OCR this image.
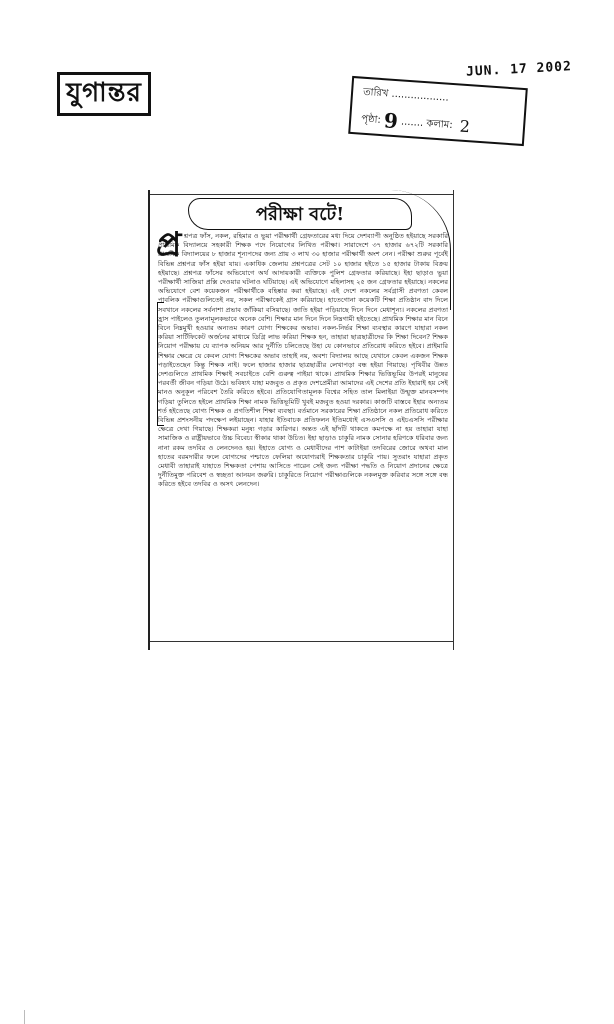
যুগান্তর
JUN. 17 2002
তারিখ ..................
পৃষ্ঠা: 9 ....... কলাম: 2
পরীক্ষা বটে!
প্র শ্নপত্র ফাঁস, নকল, রহিমার ও ভুয়া পরীক্ষার্থী গ্রেফতারের মধ্য দিয়ে দেশব্যাপী অনুষ্ঠিত হইয়াছে সরকারি প্রাথমিক বিদ্যালয়ে সহকারী শিক্ষক পদে নিয়োগের লিখিত পরীক্ষা। সারাদেশে ৩৭ হাজার ৬৭২টি সরকারি প্রাথমিক বিদ্যালয়ের ৮ হাজার শূন্যপদের জন্য প্রায় ৩ লাখ ৩০ হাজার পরীক্ষার্থী অংশ নেন। পরীক্ষা শুরুর পূর্বেই বিভিন্ন প্রশ্নপত্র ফাঁস হইয়া যায়। একাধিক জেলায় প্রশ্নপত্রের সেট ১০ হাজার হইতে ১৫ হাজার টাকায় বিক্রয় হইয়াছে। প্রশ্নপত্র ফাঁসের অভিযোগে অর্থ আদায়কারী ব্যক্তিকে পুলিশ গ্রেফতার করিয়াছে। ইহা ছাড়াও ভুয়া পরীক্ষার্থী সাজিয়া প্রক্সি দেওয়ার ঘটনাও ঘটিয়াছে। এই অভিযোগে মহিলাসহ ২৫ জন গ্রেফতার হইয়াছে। নকলের অভিযোগে বেশ কয়েকজন পরীক্ষার্থীকে বহিষ্কার করা হইয়াছে। এই দেশে নকলের সর্বগ্রাসী প্রবণতা কেবল পাবলিক পরীক্ষাগুলিতেই নয়, সকল পরীক্ষাকেই গ্রাস করিয়াছে। হাতেগোনা কয়েকটি শিক্ষা প্রতিষ্ঠান বাদ দিলে সবখানে নকলের সর্বনাশা প্রভাব জাঁকিয়া বসিয়াছে। জাতি হইয়া পড়িয়াছে দিনে দিনে মেধাশূন্য। নকলের প্রবণতা হ্রাস পাইলেও তুলনামূলকভাবে অনেক বেশি। শিক্ষার মান দিনে দিনে নিম্নগামী হইতেছে। প্রাথমিক শিক্ষার মান বিনে বিনে নিম্নমুখী হওয়ার অন্যতম কারণ যোগ্য শিক্ষকের অভাব। নকল-নির্ভর শিক্ষা ব্যবস্থার কারণে যাহারা নকল করিয়া সার্টিফিকেট অর্জনের মাধ্যমে ডিগ্রি লাভ করিয়া শিক্ষক হন, তাহারা ছাত্রছাত্রীদের কি শিক্ষা দিবেন? শিক্ষক নিয়োগ পরীক্ষায় যে ব্যাপক অনিয়ম আর দুর্নীতি চলিতেছে উহা যে কোনভাবে প্রতিরোধ করিতে হইবে। প্রাইমারি শিক্ষার ক্ষেত্রে যে কেবল যোগ্য শিক্ষকের অভাব তাহাই নয়, অবশ্য বিদ্যালয় আছে যেখানে কেবল একজন শিক্ষক পড়াইতেছেন কিন্তু শিক্ষক নাই। ফলে হাজার হাজার ছাত্রছাত্রীর লেখাপড়া বন্ধ হইয়া গিয়াছে। পৃথিবীর উন্নত দেশগুলিতে প্রাথমিক শিক্ষাই সবচাইতে বেশি গুরুত্ব পাইয়া থাকে। প্রাথমিক শিক্ষার ভিত্তিভূমির উপরই মানুষের পরবর্তী জীবন গড়িয়া উঠে। ভবিষ্যৎ যাহা মজবুত ও প্রকৃত দেশপ্রেমীরা আমাদের এই দেশের প্রতি ইহারাই হয় সেই মানও অনুকূল পরিবেশ তৈরি করিতে হইবে। প্রতিযোগিতামূলক বিশ্বের সহিত তাল মিলাইয়া উন্মুক্ত মানবসম্পদ গড়িয়া তুলিতে হইলে প্রাথমিক শিক্ষা নামক ভিত্তিভূমিটি খুবই মজবুত হওয়া দরকার। কাজটি বাস্তবে ইহার অন্যতম শর্ত হইতেছে যোগ্য শিক্ষক ও প্রগতিশীল শিক্ষা ব্যবস্থা। বর্তমানে সরকারের শিক্ষা প্রতিষ্ঠানে নকল প্রতিরোধ করিতে বিভিন্ন প্রশংসনীয় পদক্ষেপ লইয়াছেন। যাহার ইতিবাচক প্রতিফলন ইতিমধ্যেই এসএসসি ও এইচএসসি পরীক্ষার ক্ষেত্রে দেখা গিয়াছে। শিক্ষকরা মনুষ্য গড়ার কারিগর। অন্তত এই ছাঁদটি থাকতে কমপক্ষে না হয় তাহারা যাহা সামাজিক ও রাষ্ট্রীয়ভাবে উচ্চ বিবেচ্য স্বীকার থাকা উচিত। ইহা ছাড়াও চাকুরি নামক সোনার হরিণকে ধরিবার জন্য নানা রকম তদবির ও লেনদেনও হয়। ইহাতে যোগ্য ও মেধাবীদের পাশ কাটাইয়া তদবিরের জোরে অথবা মাল হাতের বরমদারীর ফলে যোগ্যদের পশ্চাতে ফেলিয়া অযোগ্যরাই শিক্ষকতার চাকুরি পায়। সুতরাং যাহারা প্রকৃত মেধাবী তাহারাই যাহাতে শিক্ষকতা পেশায় আসিতে পারেন সেই জন্য পরীক্ষা পদ্ধতি ও নিয়োগ প্রদানের ক্ষেত্রে দুর্নীতিমুক্ত পরিবেশ ও স্বচ্ছতা আনয়ন জরুরি। চাকুরিতে নিয়োগ পরীক্ষাগুলিকে নকলমুক্ত করিবার সঙ্গে সঙ্গে বন্ধ করিতে হইবে তদবির ও অসৎ লেনদেন।
